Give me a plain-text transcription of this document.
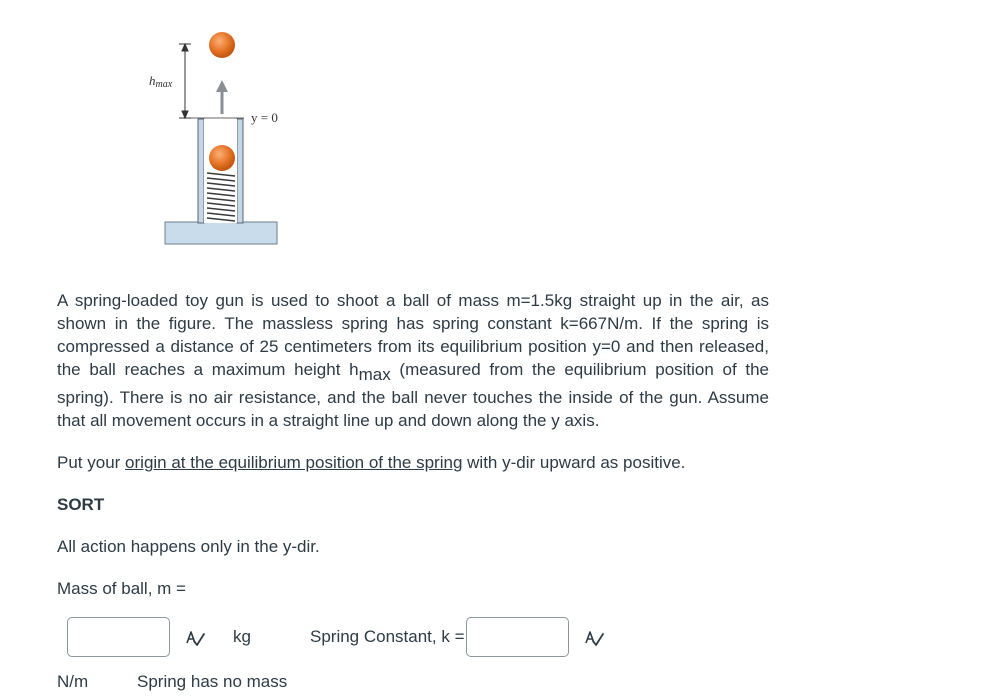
hmax
y = 0

A spring-loaded toy gun is used to shoot a ball of mass m=1.5kg straight up in the air, as shown in the figure. The massless spring has spring constant k=667N/m. If the spring is compressed a distance of 25 centimeters from its equilibrium position y=0 and then released, the ball reaches a maximum height hmax (measured from the equilibrium position of the spring). There is no air resistance, and the ball never touches the inside of the gun. Assume that all movement occurs in a straight line up and down along the y axis.

Put your origin at the equilibrium position of the spring with y-dir upward as positive.

SORT

All action happens only in the y-dir.

Mass of ball, m =

kg	Spring Constant, k =
N/m	Spring has no mass
